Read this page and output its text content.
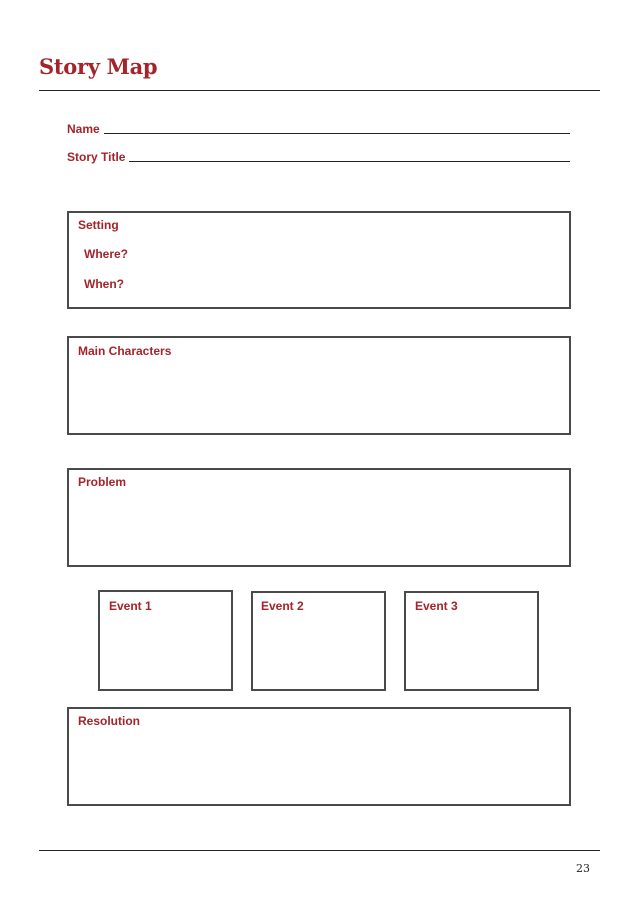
Story Map
Name
Story Title
Setting
Where?
When?
Main Characters
Problem
Event 1	Event 2	Event 3
Resolution
23
